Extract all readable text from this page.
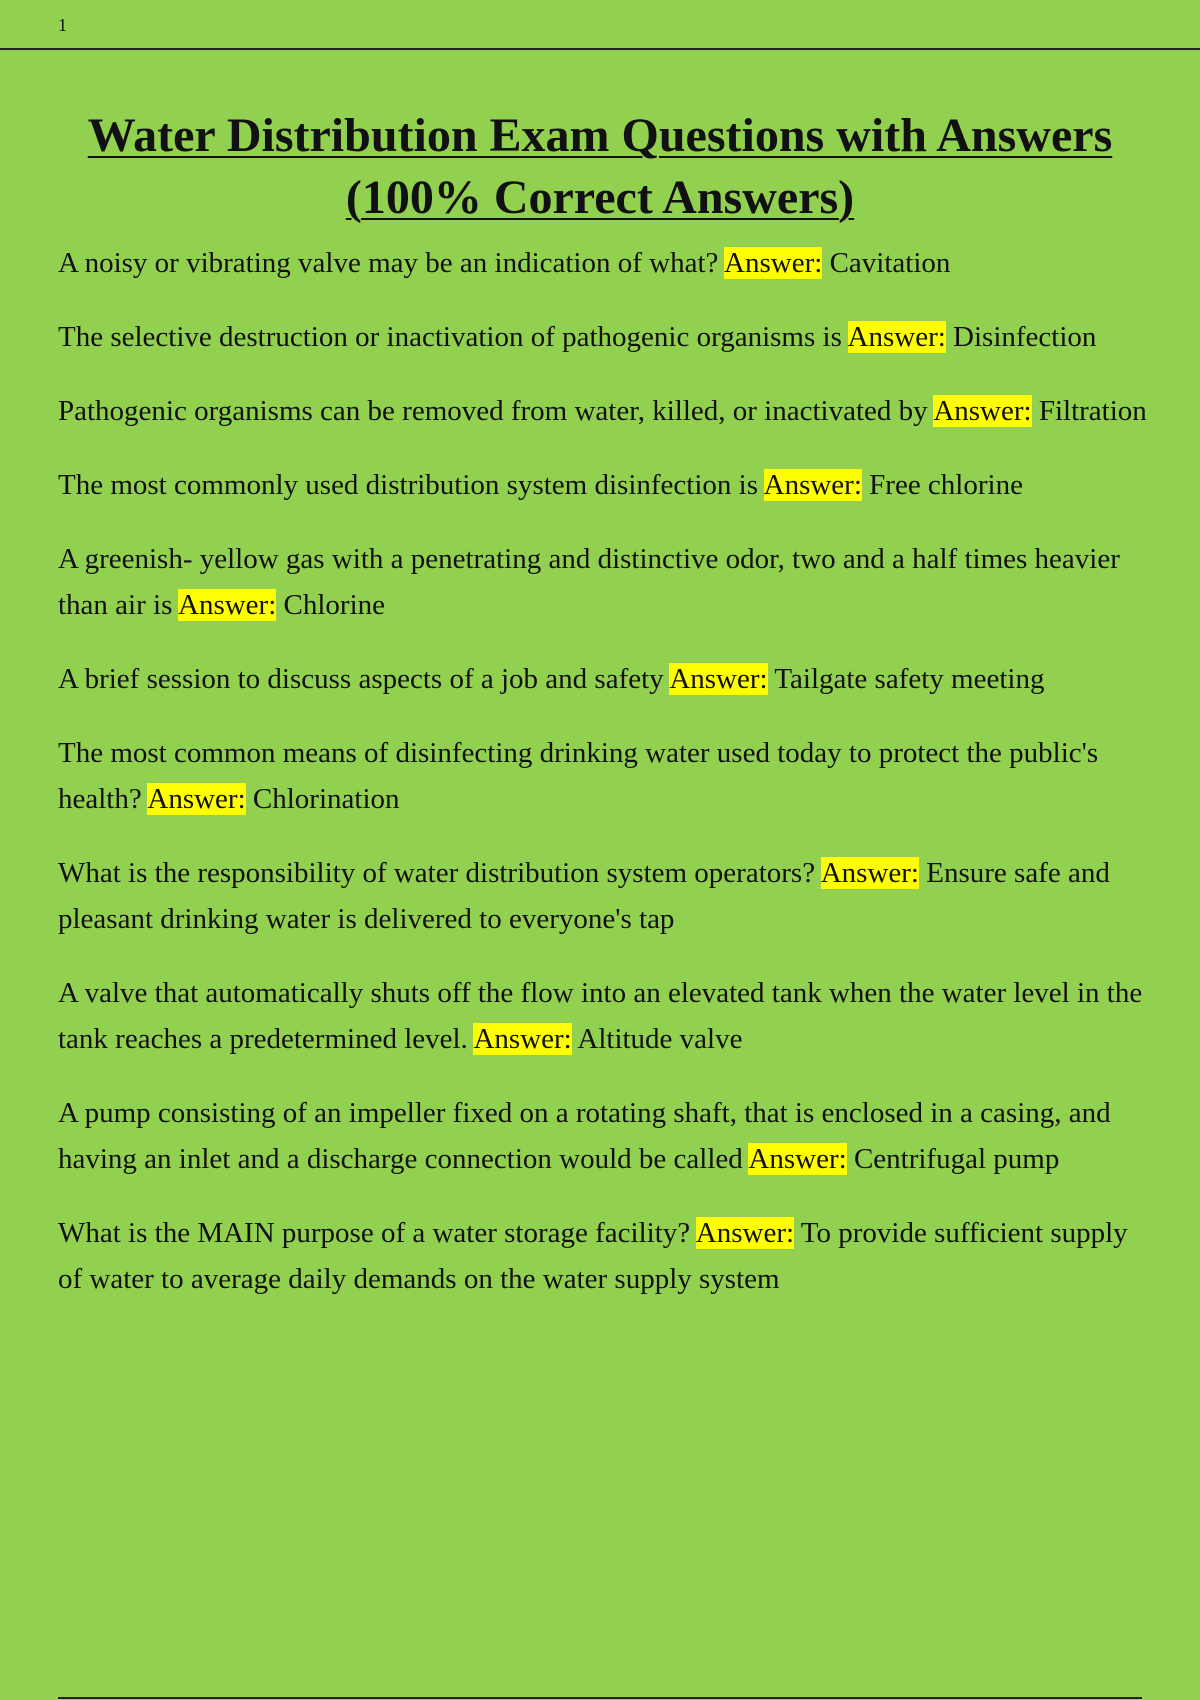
1
Water Distribution Exam Questions with Answers (100% Correct Answers)

A noisy or vibrating valve may be an indication of what? Answer: Cavitation

The selective destruction or inactivation of pathogenic organisms is Answer: Disinfection

Pathogenic organisms can be removed from water, killed, or inactivated by Answer: Filtration

The most commonly used distribution system disinfection is Answer: Free chlorine

A greenish- yellow gas with a penetrating and distinctive odor, two and a half times heavier than air is Answer: Chlorine

A brief session to discuss aspects of a job and safety Answer: Tailgate safety meeting

The most common means of disinfecting drinking water used today to protect the public's health? Answer: Chlorination

What is the responsibility of water distribution system operators? Answer: Ensure safe and pleasant drinking water is delivered to everyone's tap

A valve that automatically shuts off the flow into an elevated tank when the water level in the tank reaches a predetermined level. Answer: Altitude valve

A pump consisting of an impeller fixed on a rotating shaft, that is enclosed in a casing, and having an inlet and a discharge connection would be called Answer: Centrifugal pump

What is the MAIN purpose of a water storage facility? Answer: To provide sufficient supply of water to average daily demands on the water supply system
